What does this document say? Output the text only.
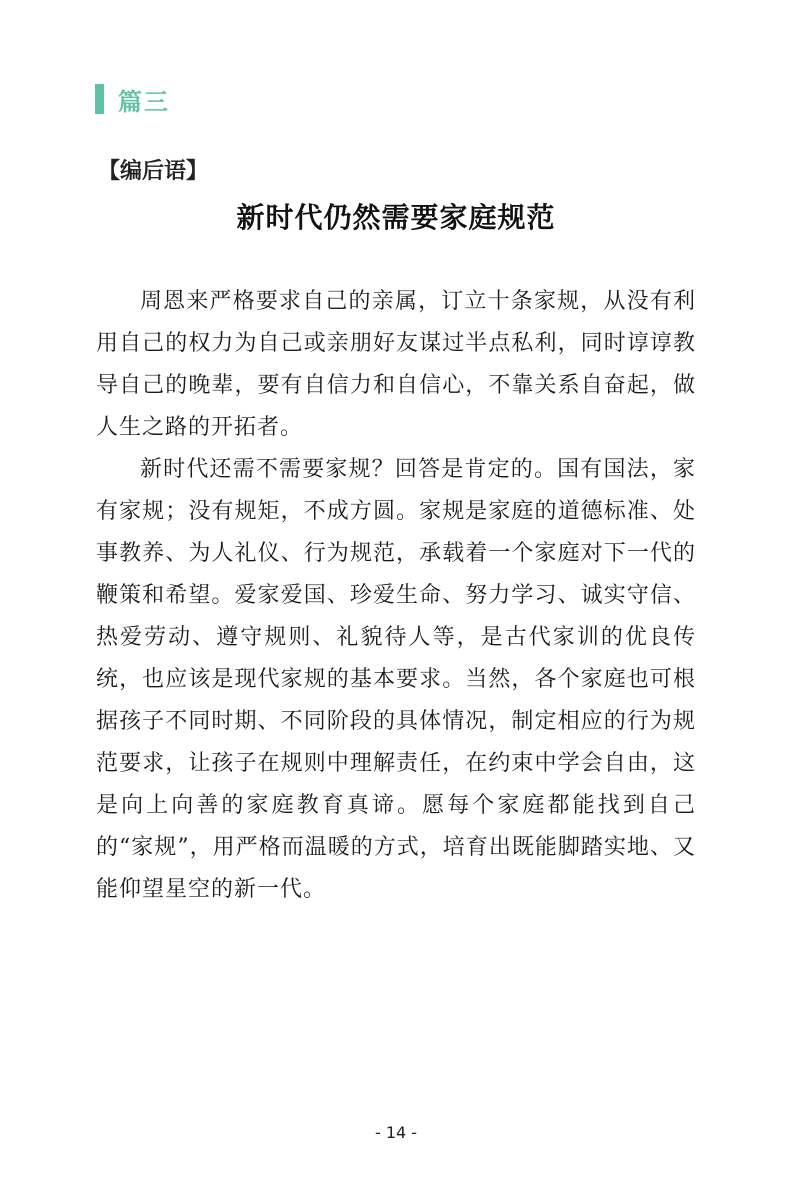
篇三
【编后语】
新时代仍然需要家庭规范

周恩来严格要求自己的亲属，订立十条家规，从没有利用自己的权力为自己或亲朋好友谋过半点私利，同时谆谆教导自己的晚辈，要有自信力和自信心，不靠关系自奋起，做人生之路的开拓者。

新时代还需不需要家规？回答是肯定的。国有国法，家有家规；没有规矩，不成方圆。家规是家庭的道德标准、处事教养、为人礼仪、行为规范，承载着一个家庭对下一代的鞭策和希望。爱家爱国、珍爱生命、努力学习、诚实守信、热爱劳动、遵守规则、礼貌待人等，是古代家训的优良传统，也应该是现代家规的基本要求。当然，各个家庭也可根据孩子不同时期、不同阶段的具体情况，制定相应的行为规范要求，让孩子在规则中理解责任，在约束中学会自由，这是向上向善的家庭教育真谛。愿每个家庭都能找到自己的“家规”，用严格而温暖的方式，培育出既能脚踏实地、又能仰望星空的新一代。

- 14 -
